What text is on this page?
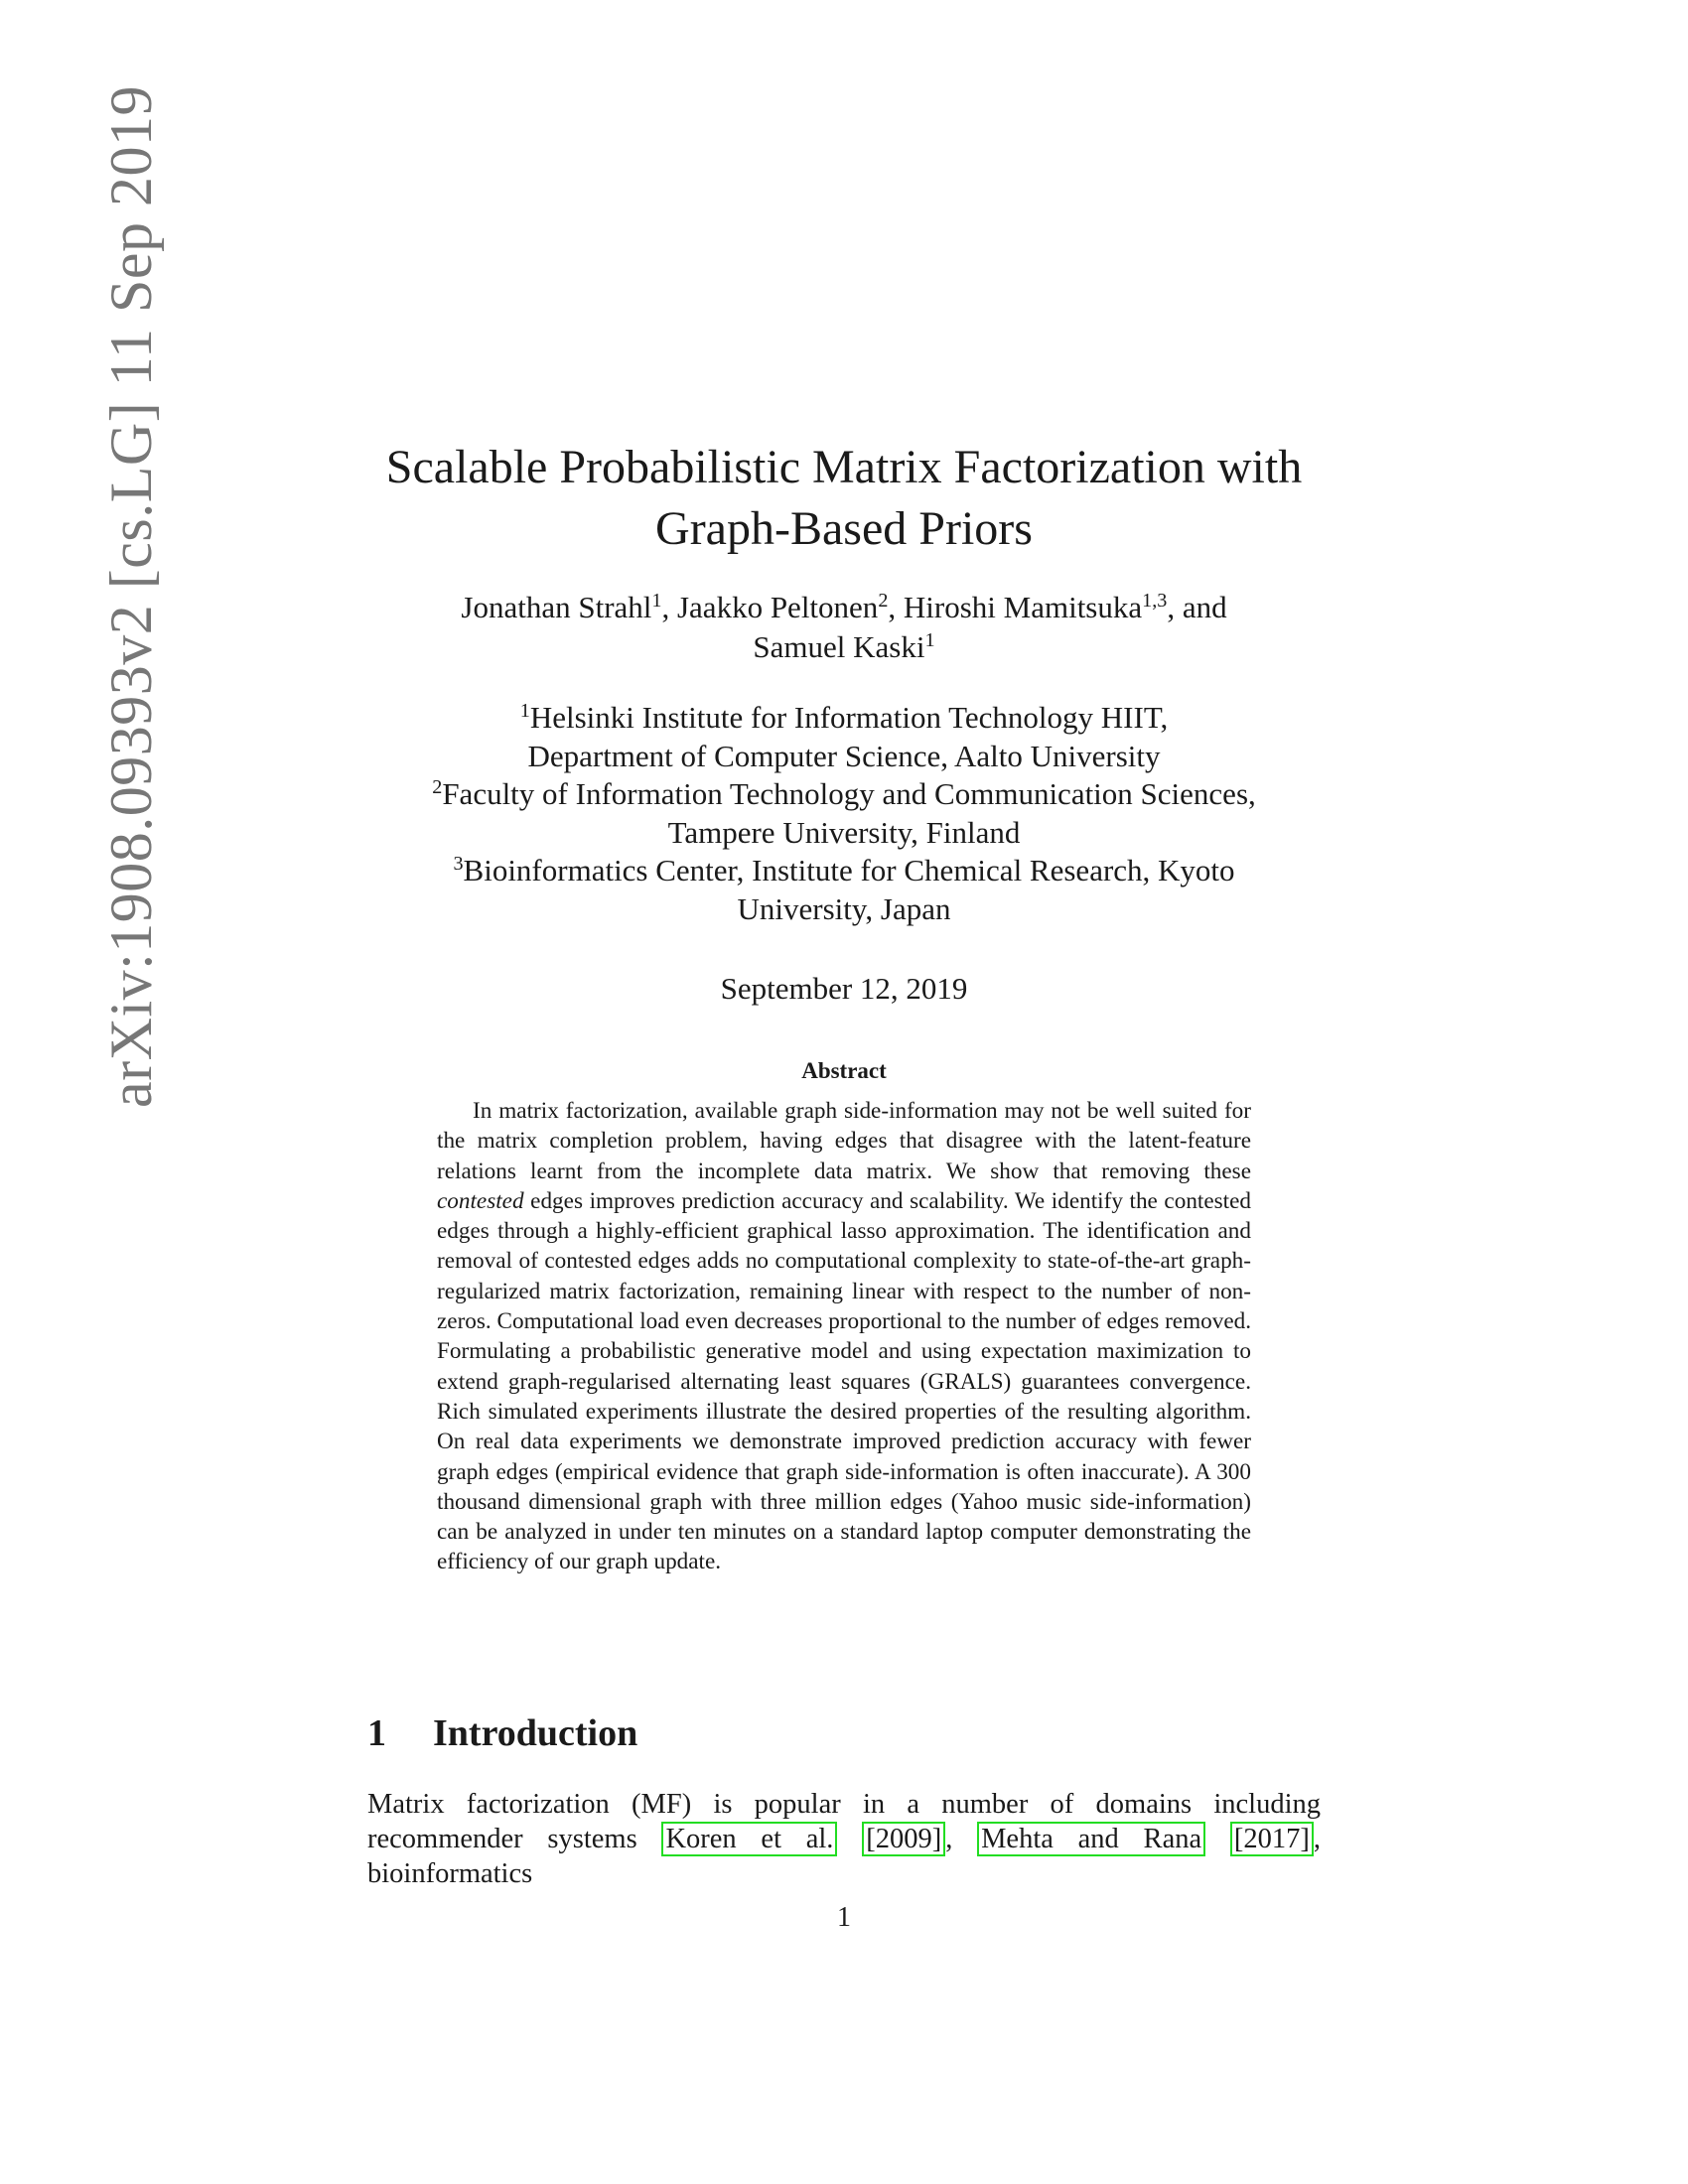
arXiv:1908.09393v2 [cs.LG] 11 Sep 2019	Scalable Probabilistic Matrix Factorization with
Graph-Based Priors
Jonathan Strahl$^1$, Jaakko Peltonen$^2$, Hiroshi Mamitsuka$^{1,3}$, and
Samuel Kaski$^1$
$^1$Helsinki Institute for Information Technology HIIT,
Department of Computer Science, Aalto University
$^2$Faculty of Information Technology and Communication Sciences,
Tampere University, Finland
$^3$Bioinformatics Center, Institute for Chemical Research, Kyoto
University, Japan
September 12, 2019
Abstract

In matrix factorization, available graph side-information may not be well suited for the matrix completion problem, having edges that disagree with the latent-feature relations learnt from the incomplete data matrix. We show that removing these contested edges improves prediction accuracy and scalability. We identify the contested edges through a highly-efficient graphical lasso approximation. The identification and removal of contested edges adds no computational complexity to state-of-the-art graph-regularized matrix factorization, remaining linear with respect to the number of non-zeros. Computational load even decreases proportional to the number of edges removed. Formulating a probabilistic generative model and using expectation maximization to extend graph-regularised alternating least squares (GRALS) guarantees convergence. Rich simulated experiments illustrate the desired properties of the resulting algorithm. On real data experiments we demonstrate improved prediction accuracy with fewer graph edges (empirical evidence that graph side-information is often inaccurate). A 300 thousand dimensional graph with three million edges (Yahoo music side-information) can be analyzed in under ten minutes on a standard laptop computer demonstrating the efficiency of our graph update.

1 Introduction

Matrix factorization (MF) is popular in a number of domains including recommender systems Koren et al. [2009] , Mehta and Rana [2017] , bioinformatics

1
